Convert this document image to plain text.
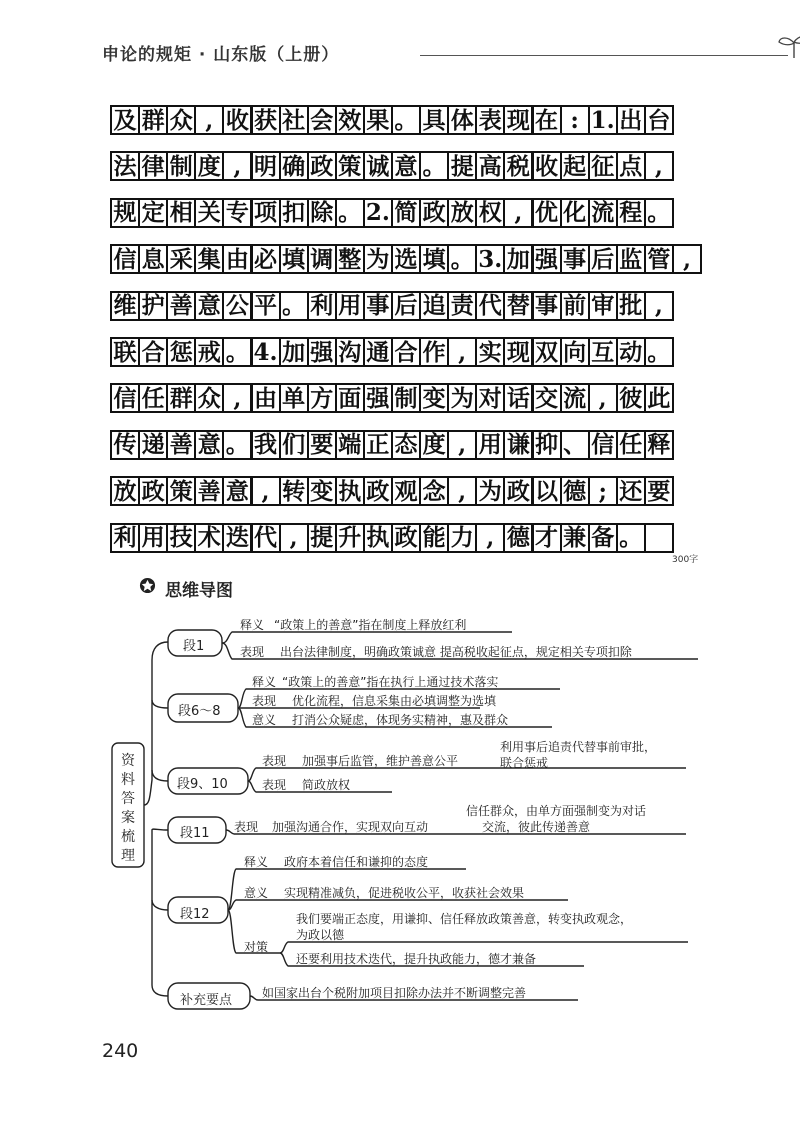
申论的规矩 · 山东版（上册）
及 群 众 , 收 获 社 会 效 果 。 具 体 表 现 在 : 1. 出 台
法 律 制 度 , 明 确 政 策 诚 意 。 提 高 税 收 起 征 点 ,
规 定 相 关 专 项 扣 除 。 2. 简 政 放 权 , 优 化 流 程 。
信 息 采 集 由 必 填 调 整 为 选 填 。 3. 加 强 事 后 监 管 ,
维 护 善 意 公 平 。 利 用 事 后 追 责 代 替 事 前 审 批 ,
联 合 惩 戒 。 4. 加 强 沟 通 合 作 , 实 现 双 向 互 动 。
信 任 群 众 , 由 单 方 面 强 制 变 为 对 话 交 流 , 彼 此
传 递 善 意 。 我 们 要 端 正 态 度 , 用 谦 抑 、 信 任 释
放 政 策 善 意 , 转 变 执 政 观 念 , 为 政 以 德 ; 还 要
利 用 技 术 迭 代 , 提 升 执 政 能 力 , 德 才 兼 备 。
300字
思维导图
资料答案梳理
段1
段6～8
段9、10
段11
段12
补充要点
释义 “政策上的善意”指在制度上释放红利
表现 出台法律制度，明确政策诚意 提高税收起征点，规定相关专项扣除
释义 “政策上的善意”指在执行上通过技术落实
表现 优化流程，信息采集由必填调整为选填
意义 打消公众疑虑，体现务实精神，惠及群众
表现 加强事后监管，维护善意公平
利用事后追责代替事前审批，
联合惩戒
表现 简政放权
表现 加强沟通合作，实现双向互动
信任群众，由单方面强制变为对话
交流，彼此传递善意
释义 政府本着信任和谦抑的态度
意义 实现精准减负，促进税收公平，收获社会效果
对策
我们要端正态度，用谦抑、信任释放政策善意，转变执政观念，
为政以德
还要利用技术迭代，提升执政能力，德才兼备
如国家出台个税附加项目扣除办法并不断调整完善
240
